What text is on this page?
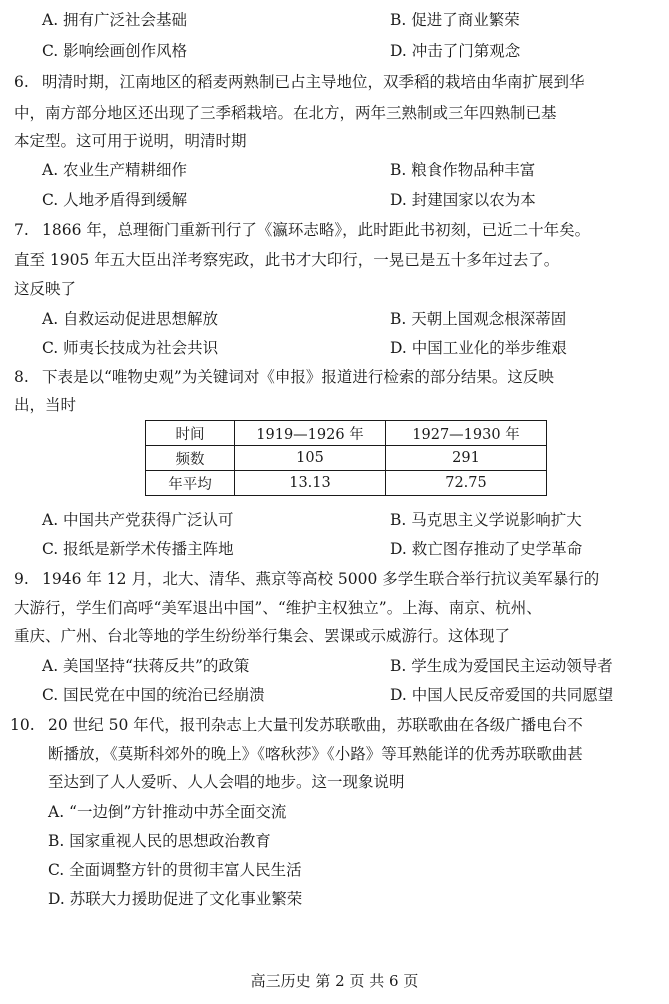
A. 拥有广泛社会基础	B. 促进了商业繁荣
C. 影响绘画创作风格	D. 冲击了门第观念
6. 明清时期，江南地区的稻麦两熟制已占主导地位，双季稻的栽培由华南扩展到华
中，南方部分地区还出现了三季稻栽培。在北方，两年三熟制或三年四熟制已基
本定型。这可用于说明，明清时期
A. 农业生产精耕细作	B. 粮食作物品种丰富
C. 人地矛盾得到缓解	D. 封建国家以农为本
7. 1866 年，总理衙门重新刊行了《瀛环志略》，此时距此书初刻，已近二十年矣。
直至 1905 年五大臣出洋考察宪政，此书才大印行，一晃已是五十多年过去了。
这反映了
A. 自救运动促进思想解放	B. 天朝上国观念根深蒂固
C. 师夷长技成为社会共识	D. 中国工业化的举步维艰
8. 下表是以“唯物史观”为关键词对《申报》报道进行检索的部分结果。这反映
出，当时
时间	1919—1926 年	1927—1930 年
频数	105	291
年平均	13.13	72.75
A. 中国共产党获得广泛认可	B. 马克思主义学说影响扩大
C. 报纸是新学术传播主阵地	D. 救亡图存推动了史学革命
9. 1946 年 12 月，北大、清华、燕京等高校 5000 多学生联合举行抗议美军暴行的
大游行，学生们高呼“美军退出中国”、“维护主权独立”。上海、南京、杭州、
重庆、广州、台北等地的学生纷纷举行集会、罢课或示威游行。这体现了
A. 美国坚持“扶蒋反共”的政策	B. 学生成为爱国民主运动领导者
C. 国民党在中国的统治已经崩溃	D. 中国人民反帝爱国的共同愿望
10. 20 世纪 50 年代，报刊杂志上大量刊发苏联歌曲，苏联歌曲在各级广播电台不
断播放，《莫斯科郊外的晚上》《喀秋莎》《小路》等耳熟能详的优秀苏联歌曲甚
至达到了人人爱听、人人会唱的地步。这一现象说明
A. “一边倒”方针推动中苏全面交流
B. 国家重视人民的思想政治教育
C. 全面调整方针的贯彻丰富人民生活
D. 苏联大力援助促进了文化事业繁荣
高三历史 第 2 页 共 6 页
